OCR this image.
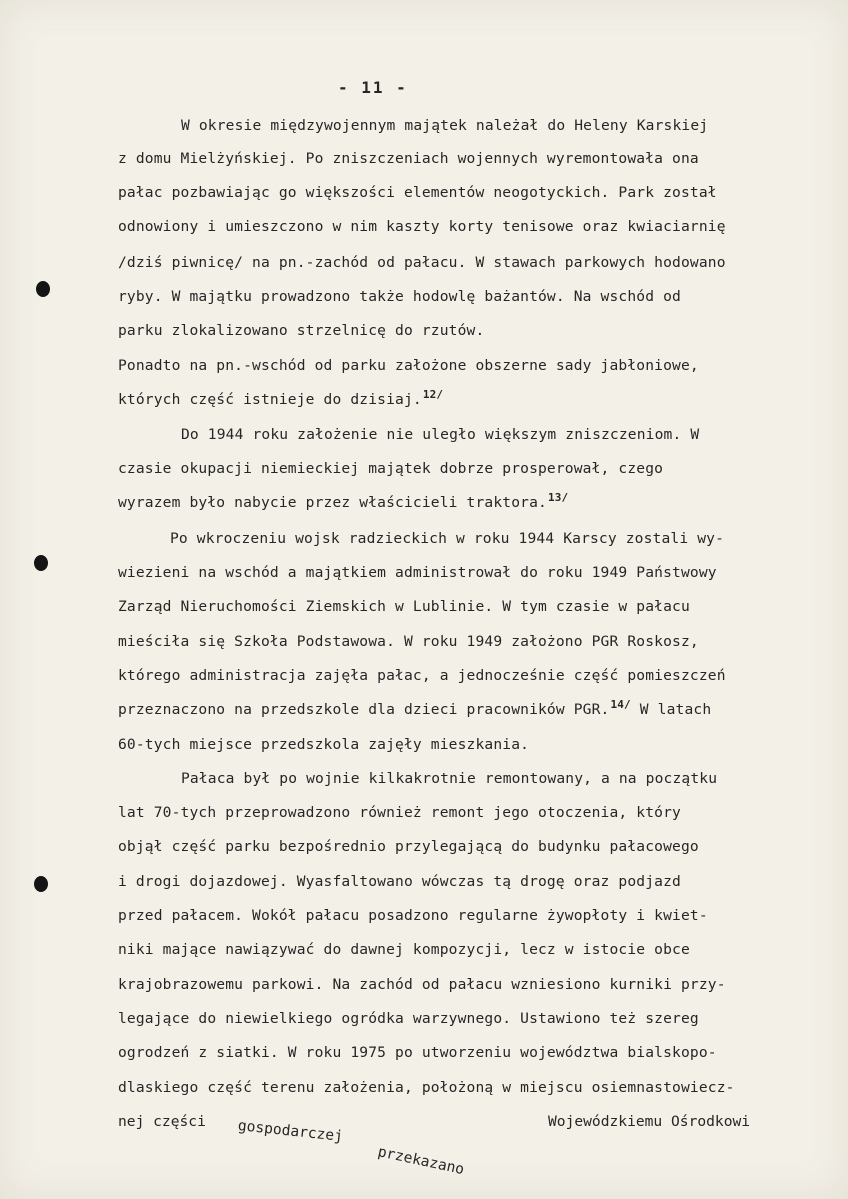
- 11 -
W okresie międzywojennym majątek należał do Heleny Karskiej
z domu Mielżyńskiej. Po zniszczeniach wojennych wyremontowała ona
pałac pozbawiając go większości elementów neogotyckich. Park został
odnowiony i umieszczono w nim kaszty korty tenisowe oraz kwiaciarnię
/dziś piwnicę/ na pn.-zachód od pałacu. W stawach parkowych hodowano
ryby. W majątku prowadzono także hodowlę bażantów. Na wschód od
parku zlokalizowano strzelnicę do rzutów.
Ponadto na pn.-wschód od parku założone obszerne sady jabłoniowe,
których część istnieje do dzisiaj.$^{12/}$
Do 1944 roku założenie nie uległo większym zniszczeniom. W
czasie okupacji niemieckiej majątek dobrze prosperował, czego
wyrazem było nabycie przez właścicieli traktora.$^{13/}$
Po wkroczeniu wojsk radzieckich w roku 1944 Karscy zostali wy-
wiezieni na wschód a majątkiem administrował do roku 1949 Państwowy
Zarząd Nieruchomości Ziemskich w Lublinie. W tym czasie w pałacu
mieściła się Szkoła Podstawowa. W roku 1949 założono PGR Roskosz,
którego administracja zajęła pałac, a jednocześnie część pomieszczeń
przeznaczono na przedszkole dla dzieci pracowników PGR.$^{14/}$ W latach
60-tych miejsce przedszkola zajęły mieszkania.
Pałaca był po wojnie kilkakrotnie remontowany, a na początku
lat 70-tych przeprowadzono również remont jego otoczenia, który
objął część parku bezpośrednio przylegającą do budynku pałacowego
i drogi dojazdowej. Wyasfaltowano wówczas tą drogę oraz podjazd
przed pałacem. Wokół pałacu posadzono regularne żywopłoty i kwiet-
niki mające nawiązywać do dawnej kompozycji, lecz w istocie obce
krajobrazowemu parkowi. Na zachód od pałacu wzniesiono kurniki przy-
legające do niewielkiego ogródka warzywnego. Ustawiono też szereg
ogrodzeń z siatki. W roku 1975 po utworzeniu województwa bialskopo-
dlaskiego część terenu założenia, położoną w miejscu osiemnastowiecz-
nej części gospodarczej
przekazano
Wojewódzkiemu Ośrodkowi
